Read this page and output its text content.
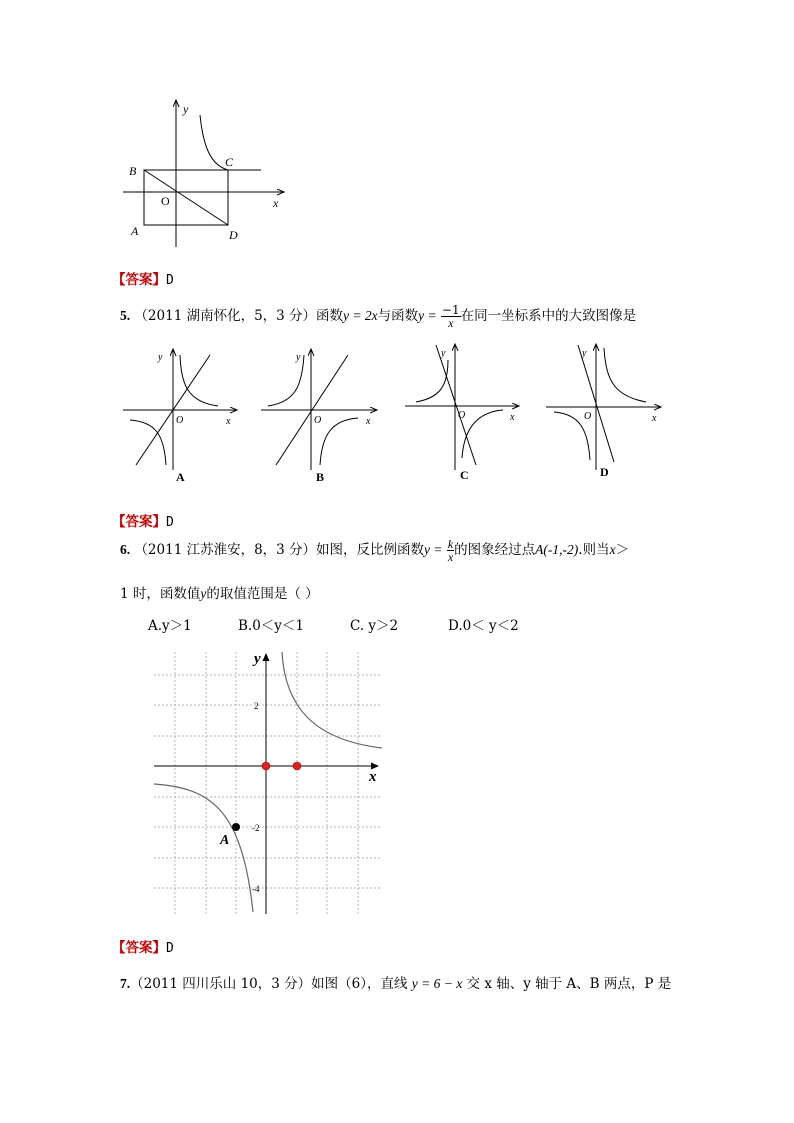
y
x
B
C
O
A	D
【答案】D
5. （2011 湖南怀化，5，3 分）函数y = 2x与函数$y = \frac{-1}{x}$ 在同一坐标系中的大致图像是
y
O	x
A
y
O	x
B
y
O	x
C
y
O	x
D
【答案】D
6. （2011 江苏淮安，8，3 分）如图，反比例函数$y = \frac{k}{x}$ 的图象经过点A(-1,-2).则当x＞
1 时，函数值y的取值范围是（ ）
A.y＞1	B.0＜y＜1	C. y＞2	D.0＜ y＜2
y
x
2
-2
-4
A
【答案】D
7.（2011 四川乐山 10，3 分）如图（6），直线 y = 6 − x 交 x 轴、y 轴于 A、B 两点，P 是
